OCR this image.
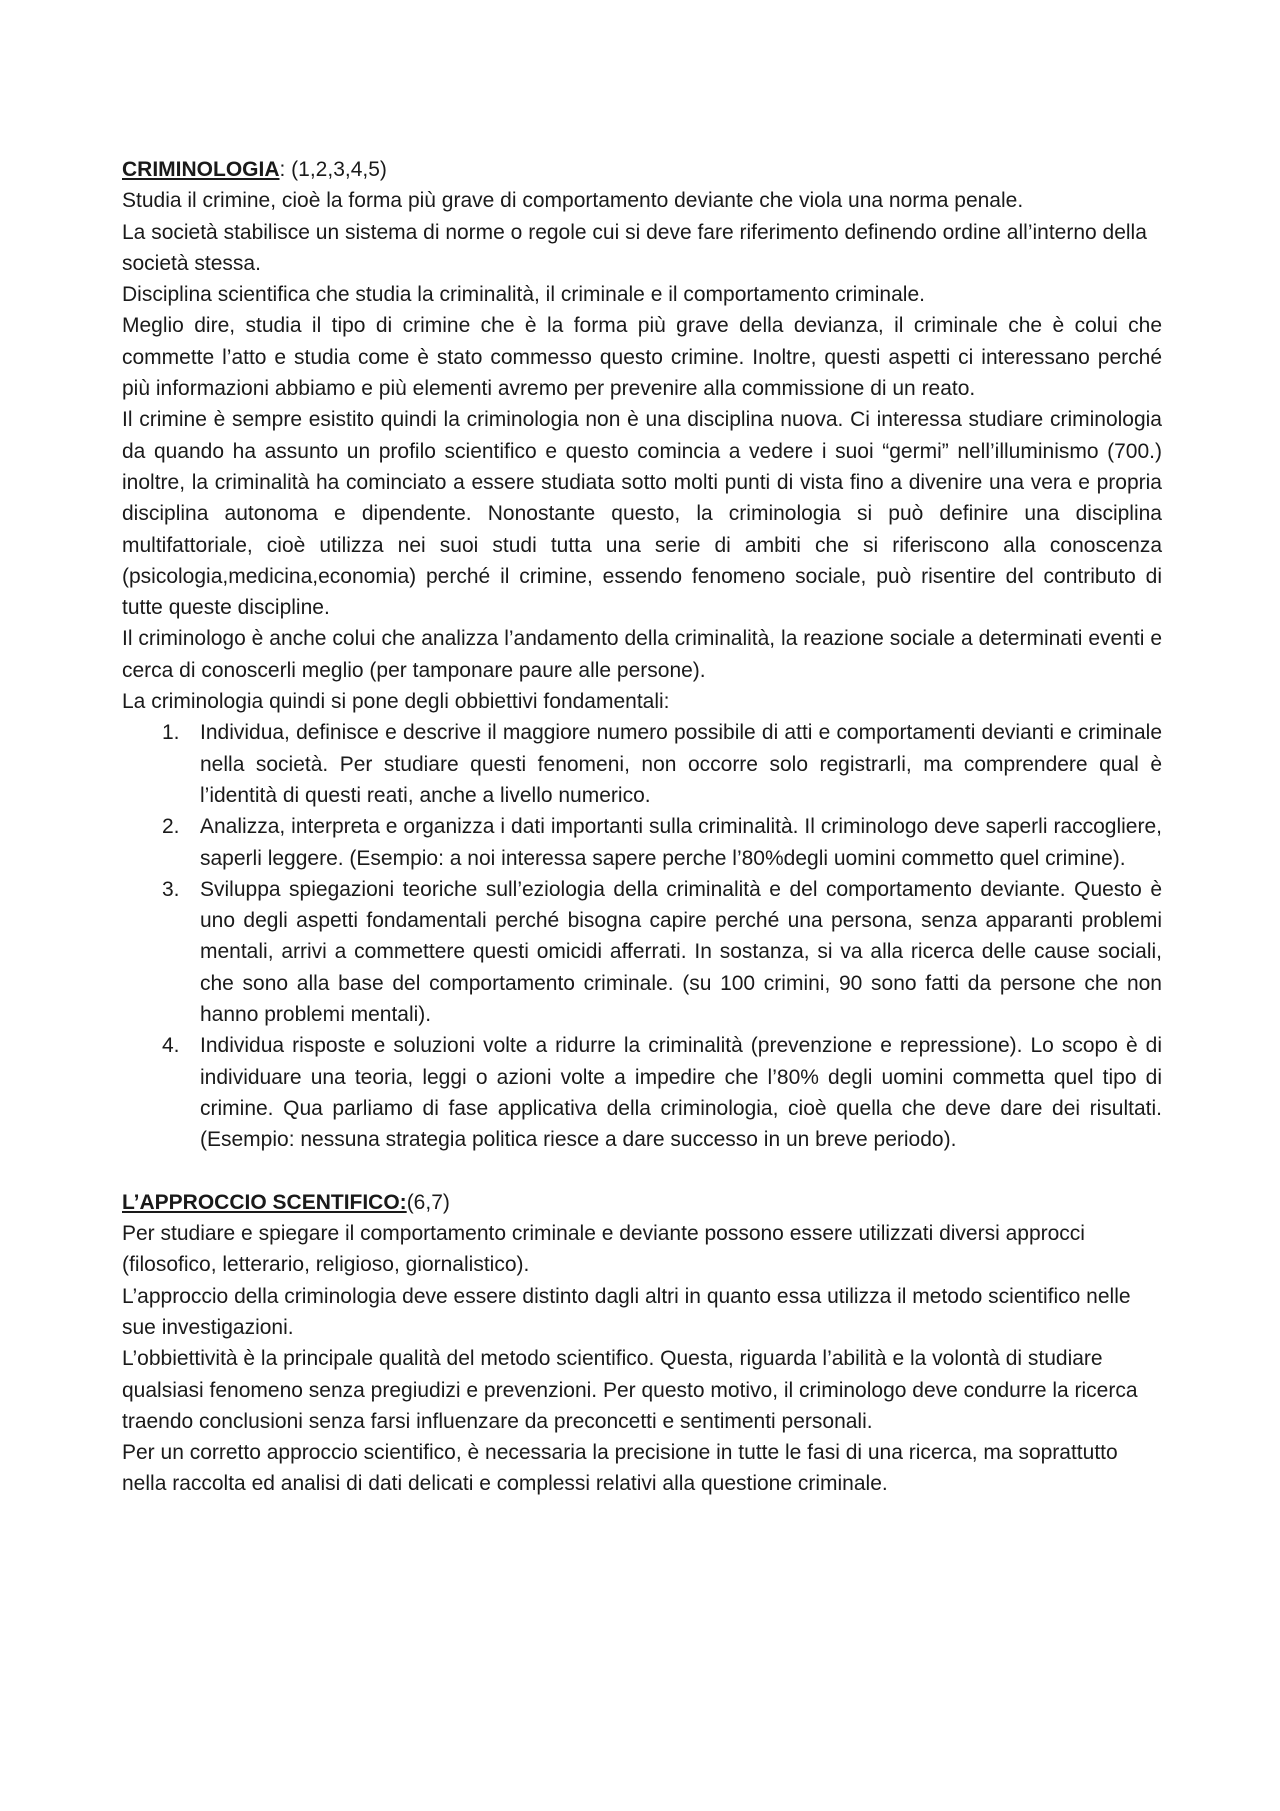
CRIMINOLOGIA: (1,2,3,4,5)

Studia il crimine, cioè la forma più grave di comportamento deviante che viola una norma penale.

La società stabilisce un sistema di norme o regole cui si deve fare riferimento definendo ordine all’interno della società stessa.

Disciplina scientifica che studia la criminalità, il criminale e il comportamento criminale.

Meglio dire, studia il tipo di crimine che è la forma più grave della devianza, il criminale che è colui che commette l’atto e studia come è stato commesso questo crimine. Inoltre, questi aspetti ci interessano perché più informazioni abbiamo e più elementi avremo per prevenire alla commissione di un reato.

Il crimine è sempre esistito quindi la criminologia non è una disciplina nuova. Ci interessa studiare criminologia da quando ha assunto un profilo scientifico e questo comincia a vedere i suoi “germi” nell’illuminismo (700.) inoltre, la criminalità ha cominciato a essere studiata sotto molti punti di vista fino a divenire una vera e propria disciplina autonoma e dipendente. Nonostante questo, la criminologia si può definire una disciplina multifattoriale, cioè utilizza nei suoi studi tutta una serie di ambiti che si riferiscono alla conoscenza (psicologia,medicina,economia) perché il crimine, essendo fenomeno sociale, può risentire del contributo di tutte queste discipline.

Il criminologo è anche colui che analizza l’andamento della criminalità, la reazione sociale a determinati eventi e cerca di conoscerli meglio (per tamponare paure alle persone).

La criminologia quindi si pone degli obbiettivi fondamentali:

1. Individua, definisce e descrive il maggiore numero possibile di atti e comportamenti devianti e criminale nella società. Per studiare questi fenomeni, non occorre solo registrarli, ma comprendere qual è l’identità di questi reati, anche a livello numerico.
2. Analizza, interpreta e organizza i dati importanti sulla criminalità. Il criminologo deve saperli raccogliere, saperli leggere. (Esempio: a noi interessa sapere perche l’80%degli uomini commetto quel crimine).
3. Sviluppa spiegazioni teoriche sull’eziologia della criminalità e del comportamento deviante. Questo è uno degli aspetti fondamentali perché bisogna capire perché una persona, senza apparanti problemi mentali, arrivi a commettere questi omicidi afferrati. In sostanza, si va alla ricerca delle cause sociali, che sono alla base del comportamento criminale. (su 100 crimini, 90 sono fatti da persone che non hanno problemi mentali).
4. Individua risposte e soluzioni volte a ridurre la criminalità (prevenzione e repressione). Lo scopo è di individuare una teoria, leggi o azioni volte a impedire che l’80% degli uomini commetta quel tipo di crimine. Qua parliamo di fase applicativa della criminologia, cioè quella che deve dare dei risultati. (Esempio: nessuna strategia politica riesce a dare successo in un breve periodo).

L’APPROCCIO SCENTIFICO:(6,7)

Per studiare e spiegare il comportamento criminale e deviante possono essere utilizzati diversi approcci (filosofico, letterario, religioso, giornalistico).

L’approccio della criminologia deve essere distinto dagli altri in quanto essa utilizza il metodo scientifico nelle sue investigazioni.

L’obbiettività è la principale qualità del metodo scientifico. Questa, riguarda l’abilità e la volontà di studiare qualsiasi fenomeno senza pregiudizi e prevenzioni. Per questo motivo, il criminologo deve condurre la ricerca traendo conclusioni senza farsi influenzare da preconcetti e sentimenti personali.

Per un corretto approccio scientifico, è necessaria la precisione in tutte le fasi di una ricerca, ma soprattutto nella raccolta ed analisi di dati delicati e complessi relativi alla questione criminale.
